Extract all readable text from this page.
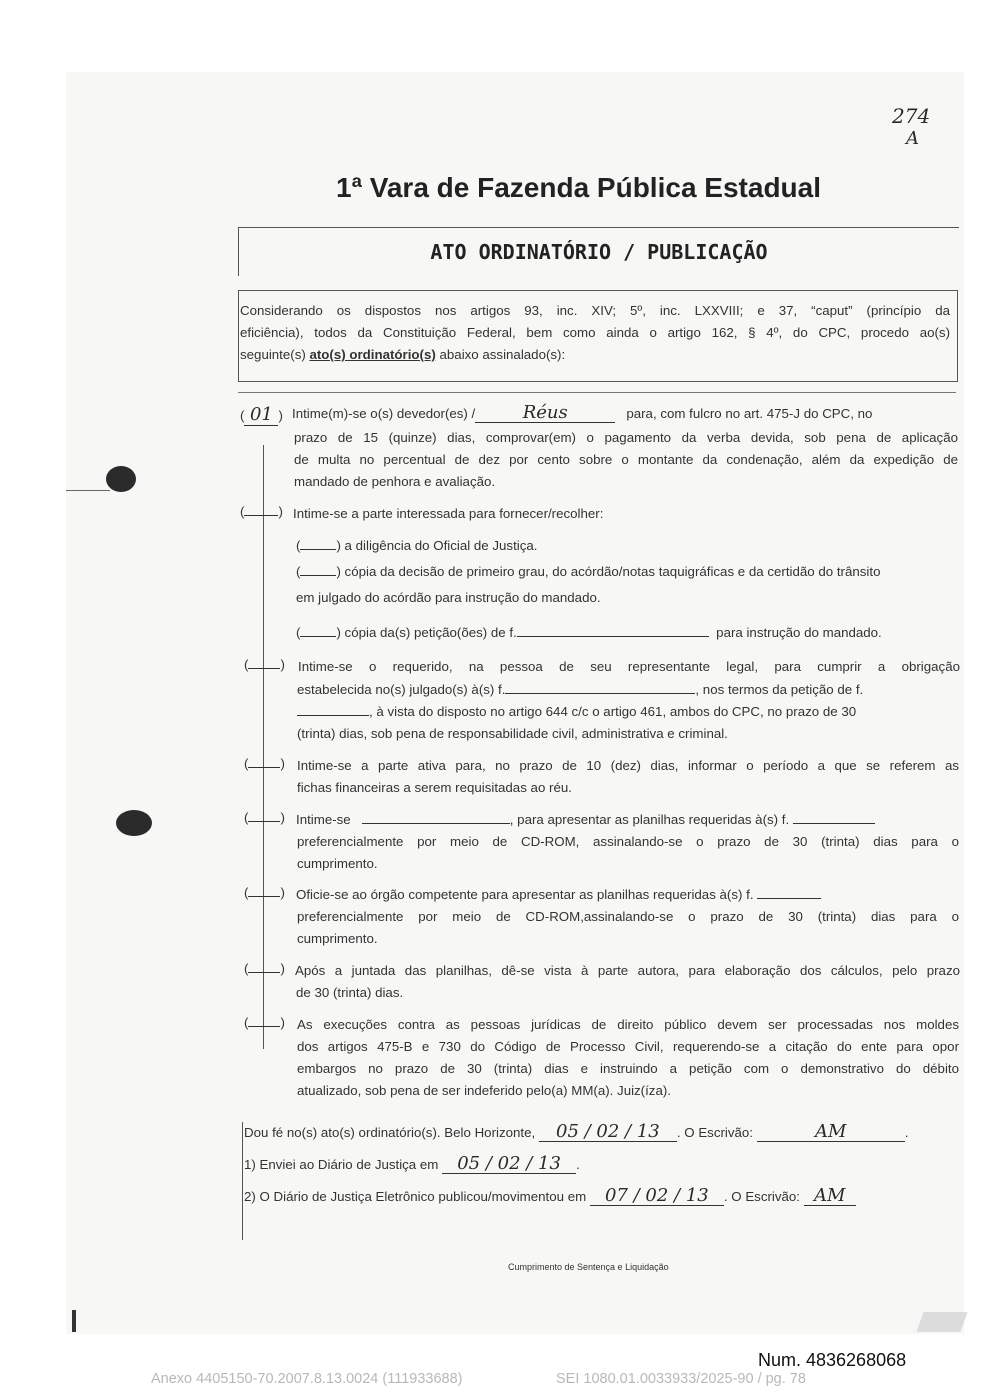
274
A
1ª Vara de Fazenda Pública Estadual
ATO ORDINATÓRIO / PUBLICAÇÃO
Considerando os dispostos nos artigos 93, inc. XIV; 5º, inc. LXXVIII; e 37, “caput” (princípio da
eficiência), todos da Constituição Federal, bem como ainda o artigo 162, § 4º, do CPC, procedo ao(s)
seguinte(s) ato(s) ordinatório(s) abaixo assinalado(s):
( 01 ) Intime(m)-se o(s) devedor(es) /	Réus	para, com fulcro no art. 475-J do CPC, no
prazo de 15 (quinze) dias, comprovar(em) o pagamento da verba devida, sob pena de aplicação
de multa no percentual de dez por cento sobre o montante da condenação, além da expedição de
mandado de penhora e avaliação.
(	) Intime-se a parte interessada para fornecer/recolher:
(	) a diligência do Oficial de Justiça.
(	) cópia da decisão de primeiro grau, do acórdão/notas taquigráficas e da certidão do trânsito
em julgado do acórdão para instrução do mandado.
(	) cópia da(s) petição(ões) de f.	para instrução do mandado.
( ) Intime-se o requerido, na pessoa de seu representante legal, para cumprir a obrigação
estabelecida no(s) julgado(s) à(s) f.	, nos termos da petição de f.
, à vista do disposto no artigo 644 c/c o artigo 461, ambos do CPC, no prazo de 30
(trinta) dias, sob pena de responsabilidade civil, administrativa e criminal.
( ) Intime-se a parte ativa para, no prazo de 10 (dez) dias, informar o período a que se referem as
fichas financeiras a serem requisitadas ao réu.
( ) Intime-se	, para apresentar as planilhas requeridas à(s) f.
preferencialmente por meio de CD-ROM, assinalando-se o prazo de 30 (trinta) dias para o
cumprimento.
( ) Oficie-se ao órgão competente para apresentar as planilhas requeridas à(s) f.
preferencialmente por meio de CD-ROM,assinalando-se o prazo de 30 (trinta) dias para o
cumprimento.
( ) Após a juntada das planilhas, dê-se vista à parte autora, para elaboração dos cálculos, pelo prazo
de 30 (trinta) dias.
( ) As execuções contra as pessoas jurídicas de direito público devem ser processadas nos moldes
dos artigos 475-B e 730 do Código de Processo Civil, requerendo-se a citação do ente para opor
embargos no prazo de 30 (trinta) dias e instruindo a petição com o demonstrativo do débito
atualizado, sob pena de ser indeferido pelo(a) MM(a). Juiz(íza).
Dou fé no(s) ato(s) ordinatório(s). Belo Horizonte, 05 / 02 / 13 . O Escrivão:	AM	.
1) Enviei ao Diário de Justiça em 05 / 02 / 13 .
2) O Diário de Justiça Eletrônico publicou/movimentou em 07 / 02 / 13 . O Escrivão: AM
Cumprimento de Sentença e Liquidação
Num. 4836268068
Anexo 4405150-70.2007.8.13.0024 (111933688)	SEI 1080.01.0033933/2025-90 / pg. 78
